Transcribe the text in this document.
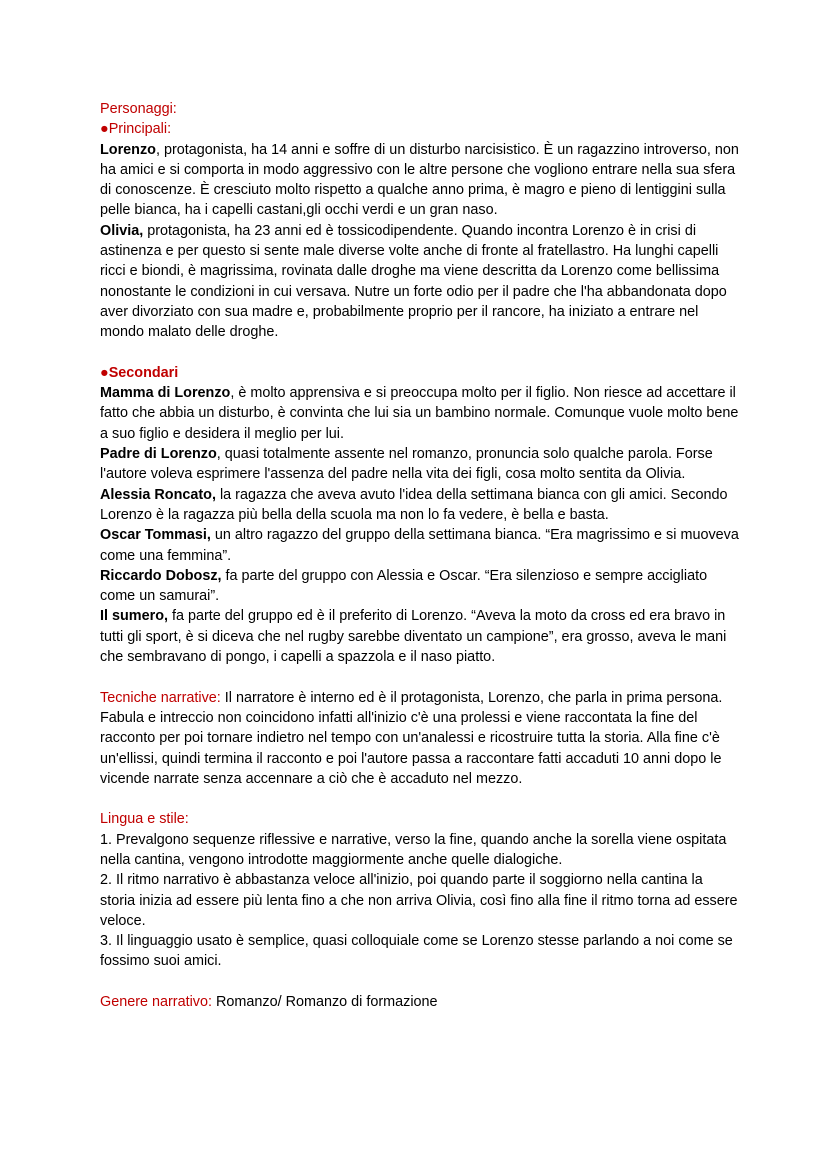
Personaggi:
●Principali:

Lorenzo, protagonista, ha 14 anni e soffre di un disturbo narcisistico. È un ragazzino introverso, non ha amici e si comporta in modo aggressivo con le altre persone che vogliono entrare nella sua sfera di conoscenze. È cresciuto molto rispetto a qualche anno prima, è magro e pieno di lentiggini sulla pelle bianca, ha i capelli castani,gli occhi verdi e un gran naso.

Olivia, protagonista, ha 23 anni ed è tossicodipendente. Quando incontra Lorenzo è in crisi di astinenza e per questo si sente male diverse volte anche di fronte al fratellastro. Ha lunghi capelli ricci e biondi, è magrissima, rovinata dalle droghe ma viene descritta da Lorenzo come bellissima nonostante le condizioni in cui versava. Nutre un forte odio per il padre che l'ha abbandonata dopo aver divorziato con sua madre e, probabilmente proprio per il rancore, ha iniziato a entrare nel mondo malato delle droghe.

●Secondari

Mamma di Lorenzo, è molto apprensiva e si preoccupa molto per il figlio. Non riesce ad accettare il fatto che abbia un disturbo, è convinta che lui sia un bambino normale. Comunque vuole molto bene a suo figlio e desidera il meglio per lui.

Padre di Lorenzo, quasi totalmente assente nel romanzo, pronuncia solo qualche parola. Forse l'autore voleva esprimere l'assenza del padre nella vita dei figli, cosa molto sentita da Olivia.

Alessia Roncato, la ragazza che aveva avuto l'idea della settimana bianca con gli amici. Secondo Lorenzo è la ragazza più bella della scuola ma non lo fa vedere, è bella e basta.

Oscar Tommasi, un altro ragazzo del gruppo della settimana bianca. “Era magrissimo e si muoveva come una femmina”.

Riccardo Dobosz, fa parte del gruppo con Alessia e Oscar. “Era silenzioso e sempre accigliato come un samurai”.

Il sumero, fa parte del gruppo ed è il preferito di Lorenzo. “Aveva la moto da cross ed era bravo in tutti gli sport, è si diceva che nel rugby sarebbe diventato un campione”, era grosso, aveva le mani che sembravano di pongo, i capelli a spazzola e il naso piatto.

Tecniche narrative: Il narratore è interno ed è il protagonista, Lorenzo, che parla in prima persona. Fabula e intreccio non coincidono infatti all'inizio c'è una prolessi e viene raccontata la fine del racconto per poi tornare indietro nel tempo con un'analessi e ricostruire tutta la storia. Alla fine c'è un'ellissi, quindi termina il racconto e poi l'autore passa a raccontare fatti accaduti 10 anni dopo le vicende narrate senza accennare a ciò che è accaduto nel mezzo.

Lingua e stile:

1. Prevalgono sequenze riflessive e narrative, verso la fine, quando anche la sorella viene ospitata nella cantina, vengono introdotte maggiormente anche quelle dialogiche.

2. Il ritmo narrativo è abbastanza veloce all'inizio, poi quando parte il soggiorno nella cantina la storia inizia ad essere più lenta fino a che non arriva Olivia, così fino alla fine il ritmo torna ad essere veloce.

3. Il linguaggio usato è semplice, quasi colloquiale come se Lorenzo stesse parlando a noi come se fossimo suoi amici.

Genere narrativo: Romanzo/ Romanzo di formazione
